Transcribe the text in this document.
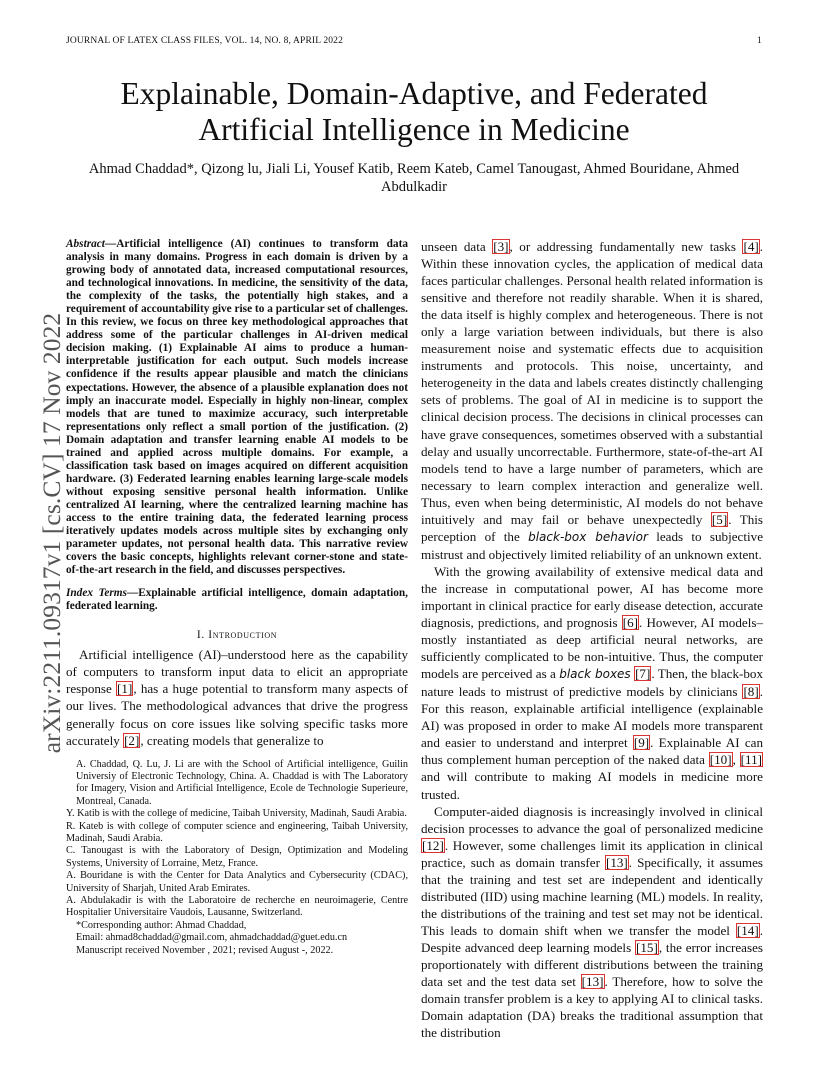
JOURNAL OF LATEX CLASS FILES, VOL. 14, NO. 8, APRIL 2022	1
arXiv:2211.09317v1 [cs.CV] 17 Nov 2022
Explainable, Domain-Adaptive, and Federated Artificial Intelligence in Medicine
Ahmad Chaddad*, Qizong lu, Jiali Li, Yousef Katib, Reem Kateb, Camel Tanougast, Ahmed Bouridane, Ahmed Abdulkadir

Abstract—Artificial intelligence (AI) continues to transform data analysis in many domains. Progress in each domain is driven by a growing body of annotated data, increased computational resources, and technological innovations. In medicine, the sensitivity of the data, the complexity of the tasks, the potentially high stakes, and a requirement of accountability give rise to a particular set of challenges. In this review, we focus on three key methodological approaches that address some of the particular challenges in AI-driven medical decision making. (1) Explainable AI aims to produce a human-interpretable justification for each output. Such models increase confidence if the results appear plausible and match the clinicians expectations. However, the absence of a plausible explanation does not imply an inaccurate model. Especially in highly non-linear, complex models that are tuned to maximize accuracy, such interpretable representations only reflect a small portion of the justification. (2) Domain adaptation and transfer learning enable AI models to be trained and applied across multiple domains. For example, a classification task based on images acquired on different acquisition hardware. (3) Federated learning enables learning large-scale models without exposing sensitive personal health information. Unlike centralized AI learning, where the centralized learning machine has access to the entire training data, the federated learning process iteratively updates models across multiple sites by exchanging only parameter updates, not personal health data. This narrative review covers the basic concepts, highlights relevant corner-stone and state-of-the-art research in the field, and discusses perspectives.

Index Terms—Explainable artificial intelligence, domain adaptation, federated learning.

I. Introduction

Artificial intelligence (AI)–understood here as the capability of computers to transform input data to elicit an appropriate response [1], has a huge potential to transform many aspects of our lives. The methodological advances that drive the progress generally focus on core issues like solving specific tasks more accurately [2], creating models that generalize to

A. Chaddad, Q. Lu, J. Li are with the School of Artificial intelligence, Guilin Universiy of Electronic Technology, China. A. Chaddad is with The Laboratory for Imagery, Vision and Artificial Intelligence, Ecole de Technologie Superieure, Montreal, Canada.

Y. Katib is with the college of medicine, Taibah University, Madinah, Saudi Arabia.

R. Kateb is with college of computer science and engineering, Taibah University, Madinah, Saudi Arabia.

C. Tanougast is with the Laboratory of Design, Optimization and Modeling Systems, University of Lorraine, Metz, France.

A. Bouridane is with the Center for Data Analytics and Cybersecurity (CDAC), University of Sharjah, United Arab Emirates.

A. Abdulakadir is with the Laboratoire de recherche en neuroimagerie, Centre Hospitalier Universitaire Vaudois, Lausanne, Switzerland.

*Corresponding author: Ahmad Chaddad,

Email: ahmad8chaddad@gmail.com, ahmadchaddad@guet.edu.cn

Manuscript received November , 2021; revised August -, 2022.

unseen data [3], or addressing fundamentally new tasks [4]. Within these innovation cycles, the application of medical data faces particular challenges. Personal health related information is sensitive and therefore not readily sharable. When it is shared, the data itself is highly complex and heterogeneous. There is not only a large variation between individuals, but there is also measurement noise and systematic effects due to acquisition instruments and protocols. This noise, uncertainty, and heterogeneity in the data and labels creates distinctly challenging sets of problems. The goal of AI in medicine is to support the clinical decision process. The decisions in clinical processes can have grave consequences, sometimes observed with a substantial delay and usually uncorrectable. Furthermore, state-of-the-art AI models tend to have a large number of parameters, which are necessary to learn complex interaction and generalize well. Thus, even when being deterministic, AI models do not behave intuitively and may fail or behave unexpectedly [5]. This perception of the black-box behavior leads to subjective mistrust and objectively limited reliability of an unknown extent.

With the growing availability of extensive medical data and the increase in computational power, AI has become more important in clinical practice for early disease detection, accurate diagnosis, predictions, and prognosis [6]. However, AI models–mostly instantiated as deep artificial neural networks, are sufficiently complicated to be non-intuitive. Thus, the computer models are perceived as a black boxes [7]. Then, the black-box nature leads to mistrust of predictive models by clinicians [8]. For this reason, explainable artificial intelligence (explainable AI) was proposed in order to make AI models more transparent and easier to understand and interpret [9]. Explainable AI can thus complement human perception of the naked data [10], [11] and will contribute to making AI models in medicine more trusted.

Computer-aided diagnosis is increasingly involved in clinical decision processes to advance the goal of personalized medicine [12]. However, some challenges limit its application in clinical practice, such as domain transfer [13]. Specifically, it assumes that the training and test set are independent and identically distributed (IID) using machine learning (ML) models. In reality, the distributions of the training and test set may not be identical. This leads to domain shift when we transfer the model [14]. Despite advanced deep learning models [15], the error increases proportionately with different distributions between the training data set and the test data set [13]. Therefore, how to solve the domain transfer problem is a key to applying AI to clinical tasks. Domain adaptation (DA) breaks the traditional assumption that the distribution
